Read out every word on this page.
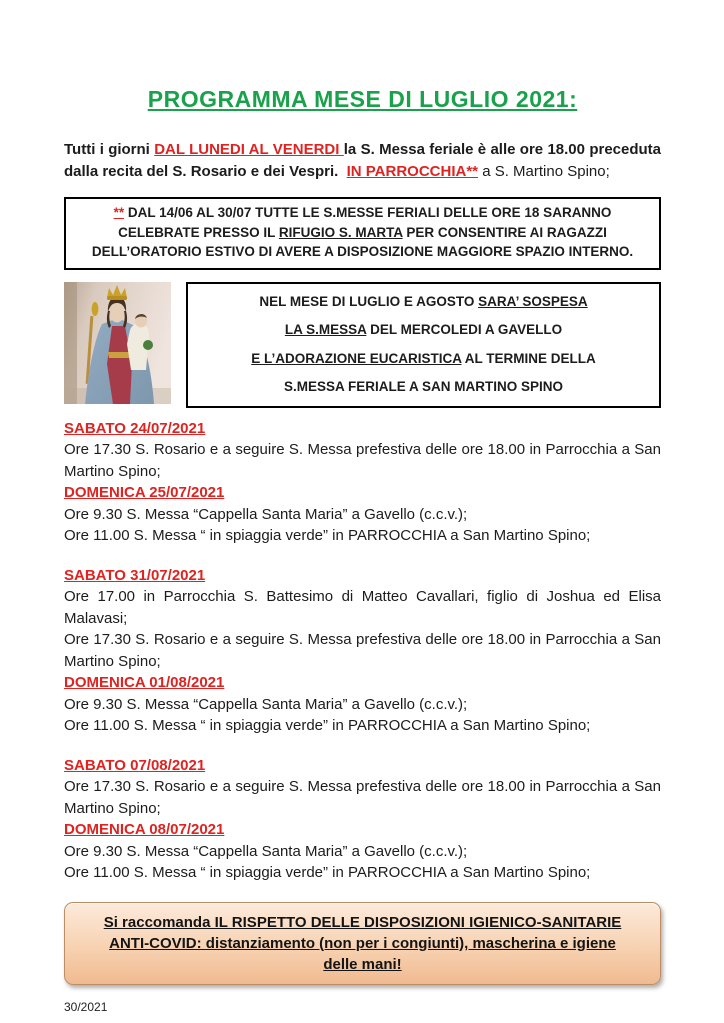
PROGRAMMA MESE DI LUGLIO 2021:

Tutti i giorni DAL LUNEDI AL VENERDI la S. Messa feriale è alle ore 18.00 preceduta dalla recita del S. Rosario e dei Vespri.  IN PARROCCHIA** a S. Martino Spino;

** DAL 14/06 AL 30/07 TUTTE LE S.MESSE FERIALI DELLE ORE 18 SARANNO CELEBRATE PRESSO IL RIFUGIO S. MARTA PER CONSENTIRE AI RAGAZZI DELL’ORATORIO ESTIVO DI AVERE A DISPOSIZIONE MAGGIORE SPAZIO INTERNO.

NEL MESE DI LUGLIO E AGOSTO SARA’ SOSPESA
LA S.MESSA DEL MERCOLEDI A GAVELLO
E L’ADORAZIONE EUCARISTICA AL TERMINE DELLA
S.MESSA FERIALE A SAN MARTINO SPINO
SABATO 24/07/2021

Ore 17.30 S. Rosario e a seguire S. Messa prefestiva delle ore 18.00 in Parrocchia a San Martino Spino;

DOMENICA 25/07/2021

Ore 9.30 S. Messa “Cappella Santa Maria” a Gavello (c.c.v.);

Ore 11.00 S. Messa “ in spiaggia verde” in PARROCCHIA a San Martino Spino;

SABATO 31/07/2021

Ore 17.00 in Parrocchia S. Battesimo di Matteo Cavallari, figlio di Joshua ed Elisa Malavasi;

Ore 17.30 S. Rosario e a seguire S. Messa prefestiva delle ore 18.00 in Parrocchia a San Martino Spino;

DOMENICA 01/08/2021

Ore 9.30 S. Messa “Cappella Santa Maria” a Gavello (c.c.v.);

Ore 11.00 S. Messa “ in spiaggia verde” in PARROCCHIA a San Martino Spino;

SABATO 07/08/2021

Ore 17.30 S. Rosario e a seguire S. Messa prefestiva delle ore 18.00 in Parrocchia a San Martino Spino;

DOMENICA 08/07/2021

Ore 9.30 S. Messa “Cappella Santa Maria” a Gavello (c.c.v.);

Ore 11.00 S. Messa “ in spiaggia verde” in PARROCCHIA a San Martino Spino;

Si raccomanda IL RISPETTO DELLE DISPOSIZIONI IGIENICO-SANITARIE ANTI-COVID: distanziamento (non per i congiunti), mascherina e igiene delle mani!
30/2021
